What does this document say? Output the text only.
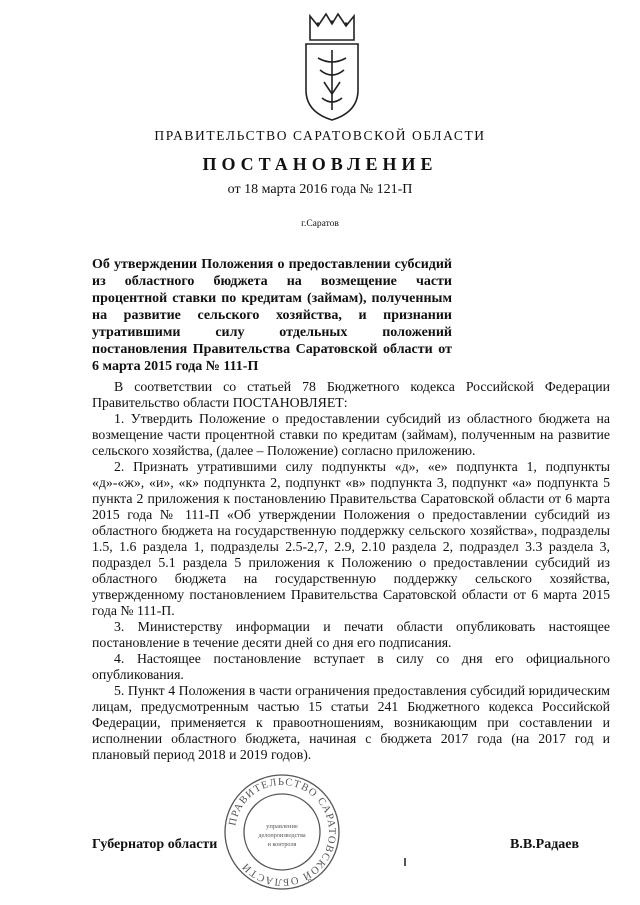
ПРАВИТЕЛЬСТВО САРАТОВСКОЙ ОБЛАСТИ
ПОСТАНОВЛЕНИЕ
от 18 марта 2016 года № 121-П
г.Саратов

Об утверждении Положения о предоставлении субсидий из областного бюджета на возмещение части процентной ставки по кредитам (займам), полученным на развитие сельского хозяйства, и признании утратившими силу отдельных положений постановления Правительства Саратовской области от 6 марта 2015 года № 111-П

В соответствии со статьей 78 Бюджетного кодекса Российской Федерации Правительство области ПОСТАНОВЛЯЕТ:

1. Утвердить Положение о предоставлении субсидий из областного бюджета на возмещение части процентной ставки по кредитам (займам), полученным на развитие сельского хозяйства, (далее – Положение) согласно приложению.

2. Признать утратившими силу подпункты «д», «е» подпункта 1, подпункты «д»-«ж», «и», «к» подпункта 2, подпункт «в» подпункта 3, подпункт «а» подпункта 5 пункта 2 приложения к постановлению Правительства Саратовской области от 6 марта 2015 года № 111-П «Об утверждении Положения о предоставлении субсидий из областного бюджета на государственную поддержку сельского хозяйства», подразделы 1.5, 1.6 раздела 1, подразделы 2.5-2,7, 2.9, 2.10 раздела 2, подраздел 3.3 раздела 3, подраздел 5.1 раздела 5 приложения к Положению о предоставлении субсидий из областного бюджета на государственную поддержку сельского хозяйства, утвержденному постановлением Правительства Саратовской области от 6 марта 2015 года № 111-П.

3. Министерству информации и печати области опубликовать настоящее постановление в течение десяти дней со дня его подписания.

4. Настоящее постановление вступает в силу со дня его официального опубликования.

5. Пункт 4 Положения в части ограничения предоставления субсидий юридическим лицам, предусмотренным частью 15 статьи 241 Бюджетного кодекса Российской Федерации, применяется к правоотношениям, возникающим при составлении и исполнении областного бюджета, начиная с бюджета 2017 года (на 2017 год и плановый период 2018 и 2019 годов).

ПРАВИТЕЛЬСТВО САРАТОВСКОЙ ОБЛАСТИ
управление
делопроизводства
и контроля
Губернатор области	В.В.Радаев
